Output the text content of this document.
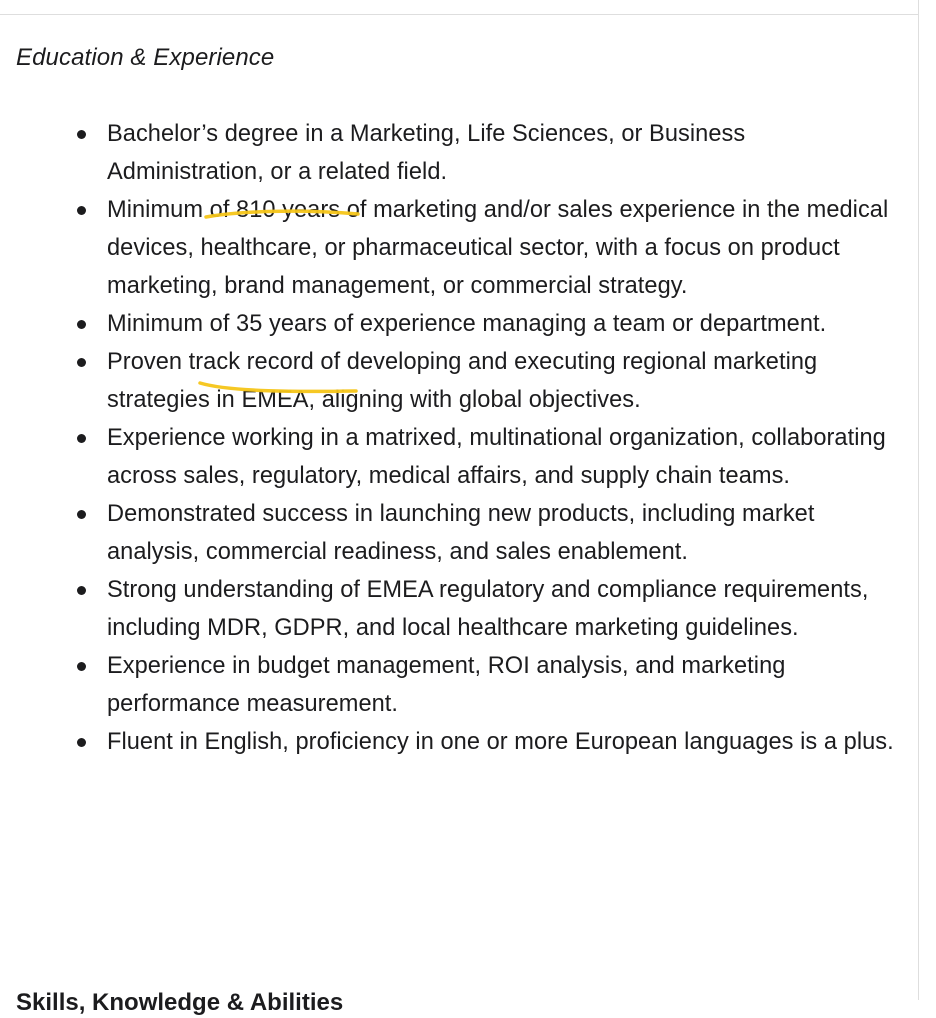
Education & Experience
Bachelor’s degree in a Marketing, Life Sciences, or Business Administration, or a related field.
Minimum of 810 years of marketing and/or sales experience in the medical devices, healthcare, or pharmaceutical sector, with a focus on product marketing, brand management, or commercial strategy.
Minimum of 35 years of experience managing a team or department.
Proven track record of developing and executing regional marketing strategies in EMEA, aligning with global objectives.
Experience working in a matrixed, multinational organization, collaborating across sales, regulatory, medical affairs, and supply chain teams.
Demonstrated success in launching new products, including market analysis, commercial readiness, and sales enablement.
Strong understanding of EMEA regulatory and compliance requirements, including MDR, GDPR, and local healthcare marketing guidelines.
Experience in budget management, ROI analysis, and marketing performance measurement.
Fluent in English, proficiency in one or more European languages is a plus.
Skills, Knowledge & Abilities
